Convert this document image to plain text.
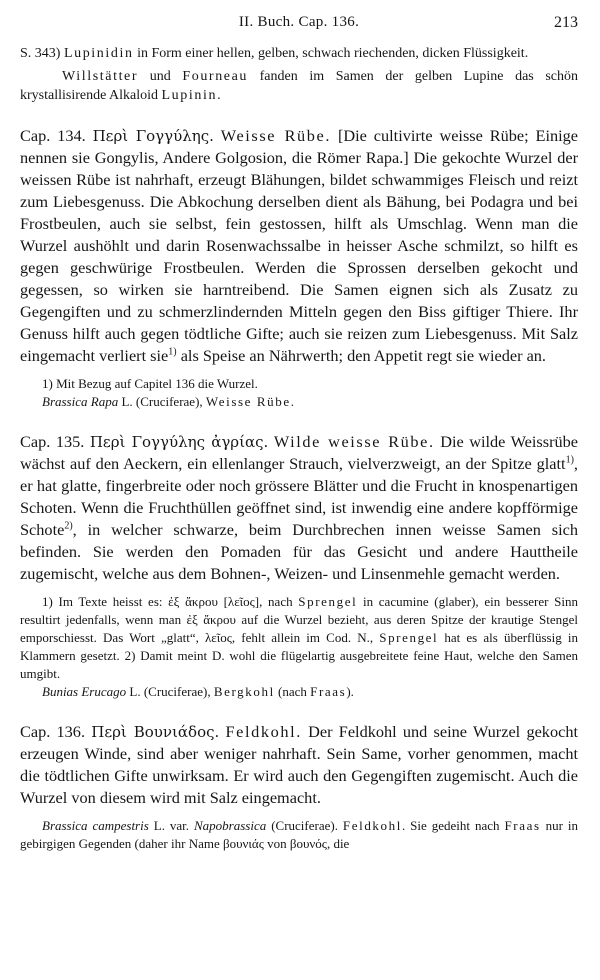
II. Buch. Cap. 136.	213

S. 343) Lupinidin in Form einer hellen, gelben, schwach riechenden, dicken Flüssigkeit.

Willstätter und Fourneau fanden im Samen der gelben Lupine das schön krystallisirende Alkaloid Lupinin.

Cap. 134. Περὶ Γογγύλης. Weisse Rübe. [Die cultivirte weisse Rübe; Einige nennen sie Gongylis, Andere Golgosion, die Römer Rapa.] Die gekochte Wurzel der weissen Rübe ist nahrhaft, erzeugt Blähungen, bildet schwammiges Fleisch und reizt zum Liebesgenuss. Die Abkochung derselben dient als Bähung, bei Podagra und bei Frostbeulen, auch sie selbst, fein gestossen, hilft als Umschlag. Wenn man die Wurzel aushöhlt und darin Rosenwachssalbe in heisser Asche schmilzt, so hilft es gegen geschwürige Frostbeulen. Werden die Sprossen derselben gekocht und gegessen, so wirken sie harntreibend. Die Samen eignen sich als Zusatz zu Gegengiften und zu schmerzlindernden Mitteln gegen den Biss giftiger Thiere. Ihr Genuss hilft auch gegen tödtliche Gifte; auch sie reizen zum Liebesgenuss. Mit Salz eingemacht verliert sie$^{1)}$ als Speise an Nährwerth; den Appetit regt sie wieder an.

1) Mit Bezug auf Capitel 136 die Wurzel.

Brassica Rapa L. (Cruciferae), Weisse Rübe.

Cap. 135. Περὶ Γογγύλης ἀγρίας. Wilde weisse Rübe. Die wilde Weissrübe wächst auf den Aeckern, ein ellenlanger Strauch, vielverzweigt, an der Spitze glatt$^{1)}$, er hat glatte, fingerbreite oder noch grössere Blätter und die Frucht in knospenartigen Schoten. Wenn die Fruchthüllen geöffnet sind, ist inwendig eine andere kopfförmige Schote$^{2)}$, in welcher schwarze, beim Durchbrechen innen weisse Samen sich befinden. Sie werden den Pomaden für das Gesicht und andere Hauttheile zugemischt, welche aus dem Bohnen-, Weizen- und Linsenmehle gemacht werden.

1) Im Texte heisst es: ἐξ ἄκρου [λεῖος], nach Sprengel in cacumine (glaber), ein besserer Sinn resultirt jedenfalls, wenn man ἐξ ἄκρου auf die Wurzel bezieht, aus deren Spitze der krautige Stengel emporschiesst. Das Wort „glatt“, λεῖος, fehlt allein im Cod. N., Sprengel hat es als überflüssig in Klammern gesetzt. 2) Damit meint D. wohl die flügelartig ausgebreitete feine Haut, welche den Samen umgibt.

Bunias Erucago L. (Cruciferae), Bergkohl (nach Fraas).

Cap. 136. Περὶ Βουνιάδος. Feldkohl. Der Feldkohl und seine Wurzel gekocht erzeugen Winde, sind aber weniger nahrhaft. Sein Same, vorher genommen, macht die tödtlichen Gifte unwirksam. Er wird auch den Gegengiften zugemischt. Auch die Wurzel von diesem wird mit Salz eingemacht.

Brassica campestris L. var. Napobrassica (Cruciferae). Feldkohl. Sie gedeiht nach Fraas nur in gebirgigen Gegenden (daher ihr Name βουνιάς von βουνός, die
